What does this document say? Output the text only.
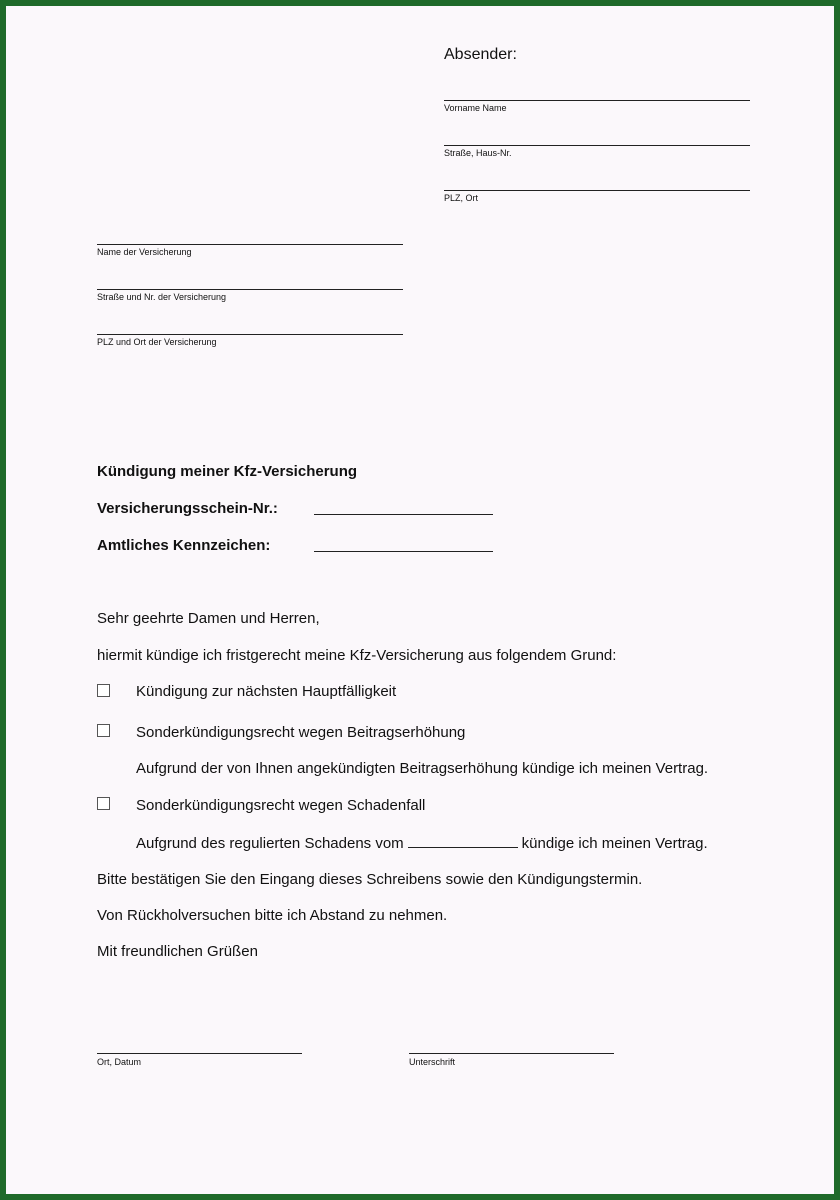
Absender:
Vorname Name
Straße, Haus-Nr.
PLZ, Ort
Name der Versicherung
Straße und Nr. der Versicherung
PLZ und Ort der Versicherung
Kündigung meiner Kfz-Versicherung
Versicherungsschein-Nr.:
Amtliches Kennzeichen:
Sehr geehrte Damen und Herren,
hiermit kündige ich fristgerecht meine Kfz-Versicherung aus folgendem Grund:
Kündigung zur nächsten Hauptfälligkeit
Sonderkündigungsrecht wegen Beitragserhöhung
Aufgrund der von Ihnen angekündigten Beitragserhöhung kündige ich meinen Vertrag.
Sonderkündigungsrecht wegen Schadenfall
Aufgrund des regulierten Schadens vom	kündige ich meinen Vertrag.
Bitte bestätigen Sie den Eingang dieses Schreibens sowie den Kündigungstermin.
Von Rückholversuchen bitte ich Abstand zu nehmen.
Mit freundlichen Grüßen
Ort, Datum	Unterschrift
